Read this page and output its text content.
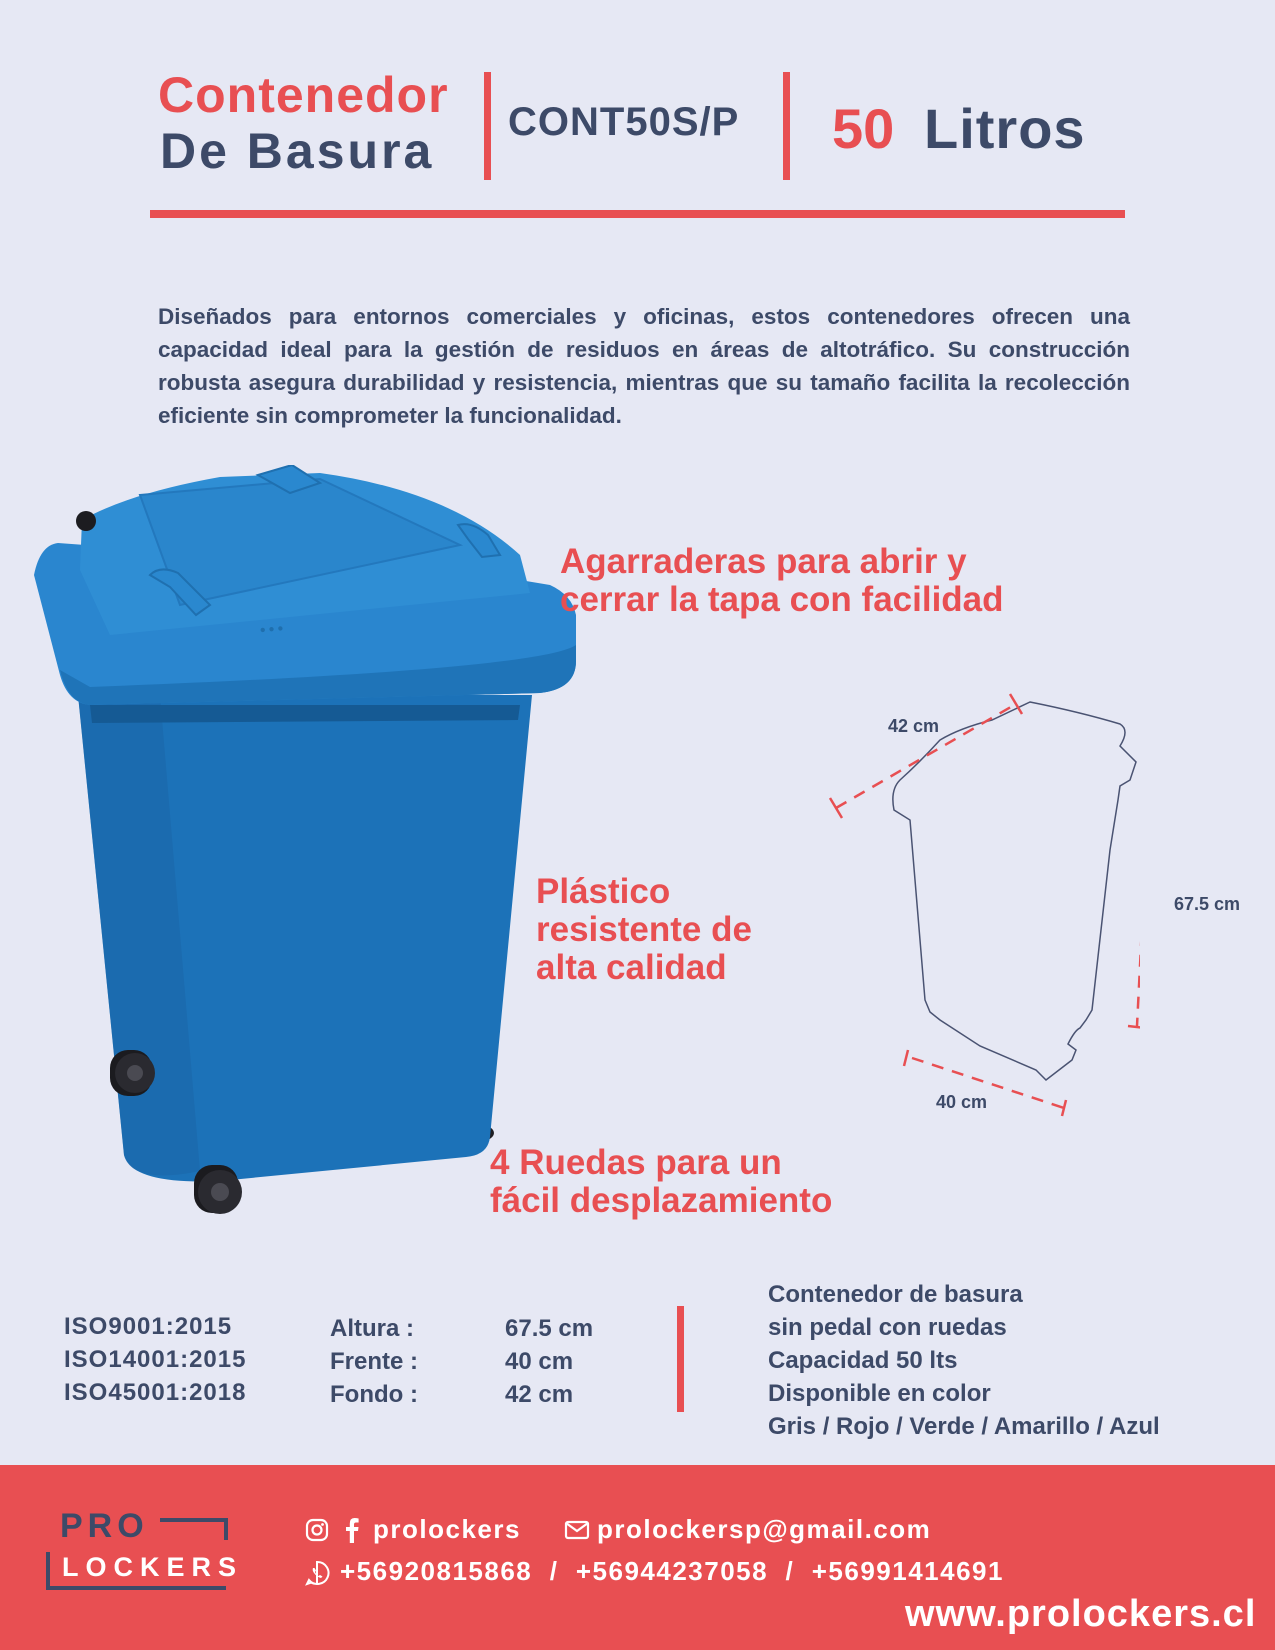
Contenedor
De Basura
CONT50S/P 50 Litros
Diseñados para entornos comerciales y oficinas, estos contenedores ofrecen una capacidad ideal para la gestión de residuos en áreas de altotráfico. Su construcción robusta asegura durabilidad y resistencia, mientras que su tamaño facilita la recolección eficiente sin comprometer la funcionalidad.
● ● ●
Agarraderas para abrir y
cerrar la tapa con facilidad
Plástico
resistente de
alta calidad
4 Ruedas para un
fácil desplazamiento
42 cm
67.5 cm
40 cm
ISO9001:2015
ISO14001:2015
ISO45001:2018
Altura :
Frente :
Fondo :
67.5 cm
40 cm
42 cm
Contenedor de basura
sin pedal con ruedas
Capacidad 50 lts
Disponible en color
Gris / Rojo / Verde / Amarillo / Azul
PRO
LOCKERS
prolockers	prolockersp@gmail.com
+56920815868  /  +56944237058  /  +56991414691
www.prolockers.cl
